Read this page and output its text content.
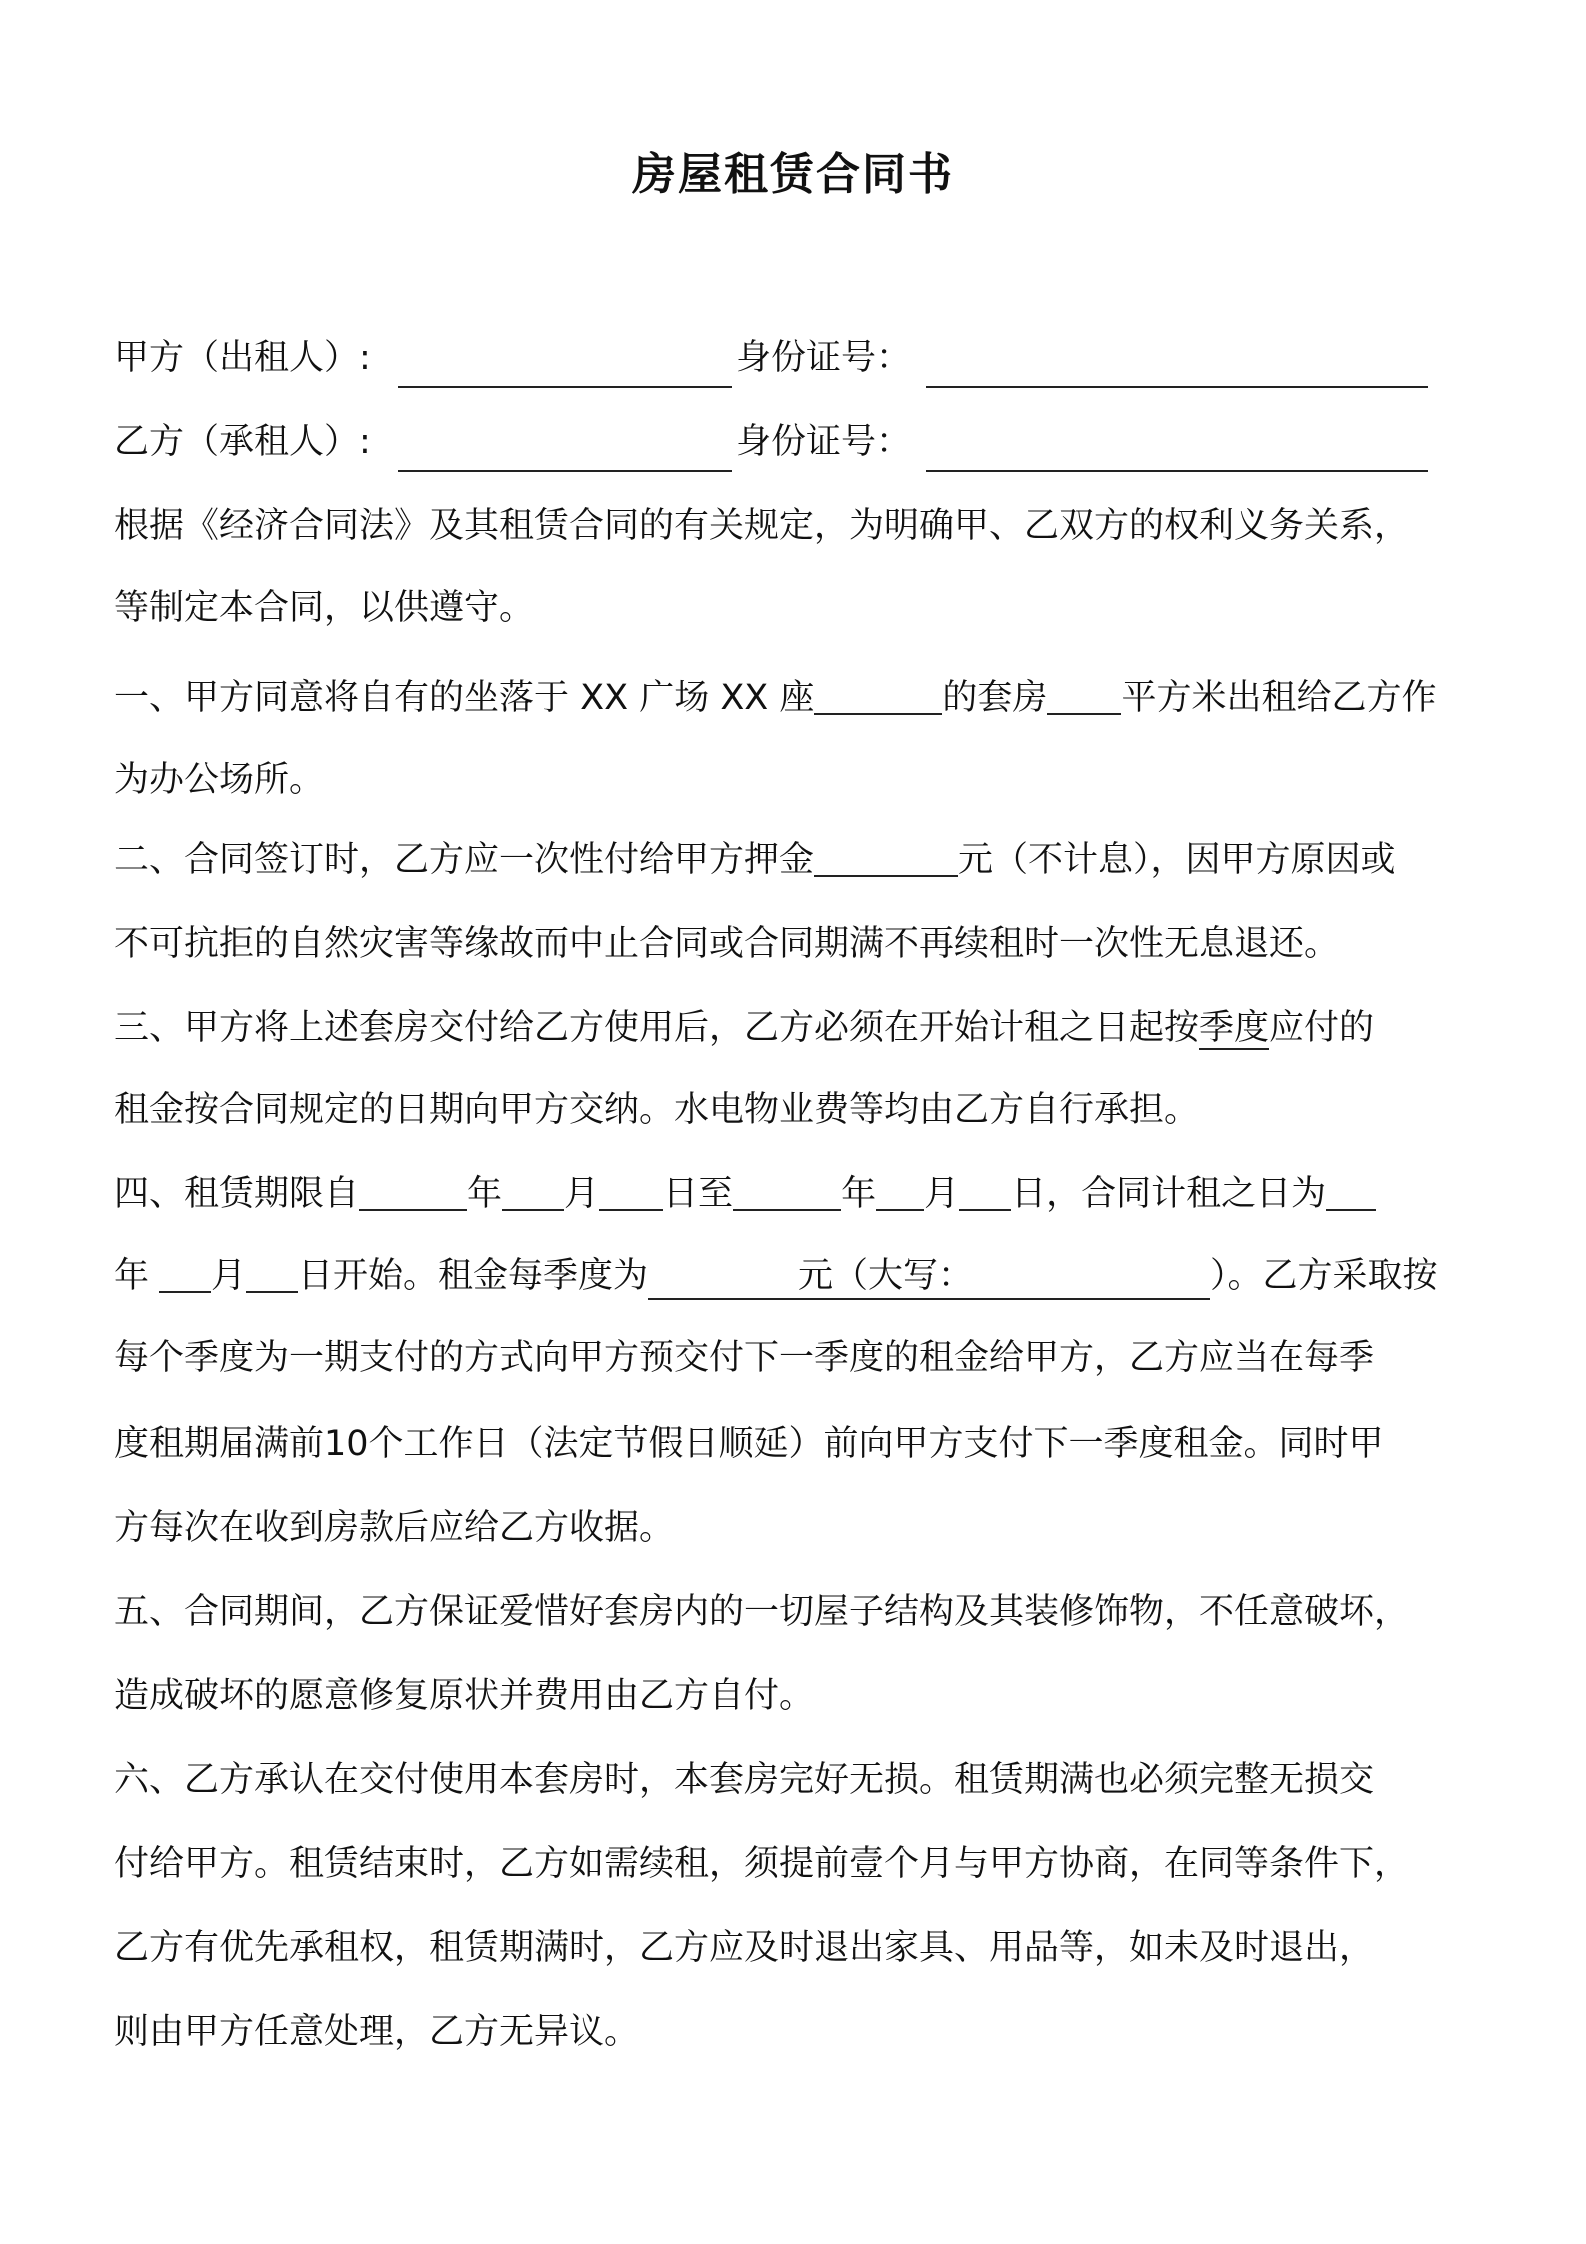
房屋租赁合同书
甲方（出租人）:	身份证号：
乙方（承租人）:	身份证号：
根据《经济合同法》及其租赁合同的有关规定，为明确甲、乙双方的权利义务关系，
等制定本合同，以供遵守。
一、甲方同意将自有的坐落于 XX 广场 XX 座	的套房 平方米出租给乙方作
为办公场所。
二、合同签订时，乙方应一次性付给甲方押金	元（不计息），因甲方原因或
不可抗拒的自然灾害等缘故而中止合同或合同期满不再续租时一次性无息退还。
三、甲方将上述套房交付给乙方使用后，乙方必须在开始计租之日起按季度应付的
租金按合同规定的日期向甲方交纳。水电物业费等均由乙方自行承担。
四、租赁期限自	年 月 日至	年 月 日，合同计租之日为
年 月 日开始。租金每季度为	元（大写：	）。乙方采取按
每个季度为一期支付的方式向甲方预交付下一季度的租金给甲方，乙方应当在每季
度租期届满前10个工作日（法定节假日顺延）前向甲方支付下一季度租金。同时甲
方每次在收到房款后应给乙方收据。
五、合同期间，乙方保证爱惜好套房内的一切屋子结构及其装修饰物，不任意破坏，
造成破坏的愿意修复原状并费用由乙方自付。
六、乙方承认在交付使用本套房时，本套房完好无损。租赁期满也必须完整无损交
付给甲方。租赁结束时，乙方如需续租，须提前壹个月与甲方协商，在同等条件下，
乙方有优先承租权，租赁期满时，乙方应及时退出家具、用品等，如未及时退出，
则由甲方任意处理，乙方无异议。
